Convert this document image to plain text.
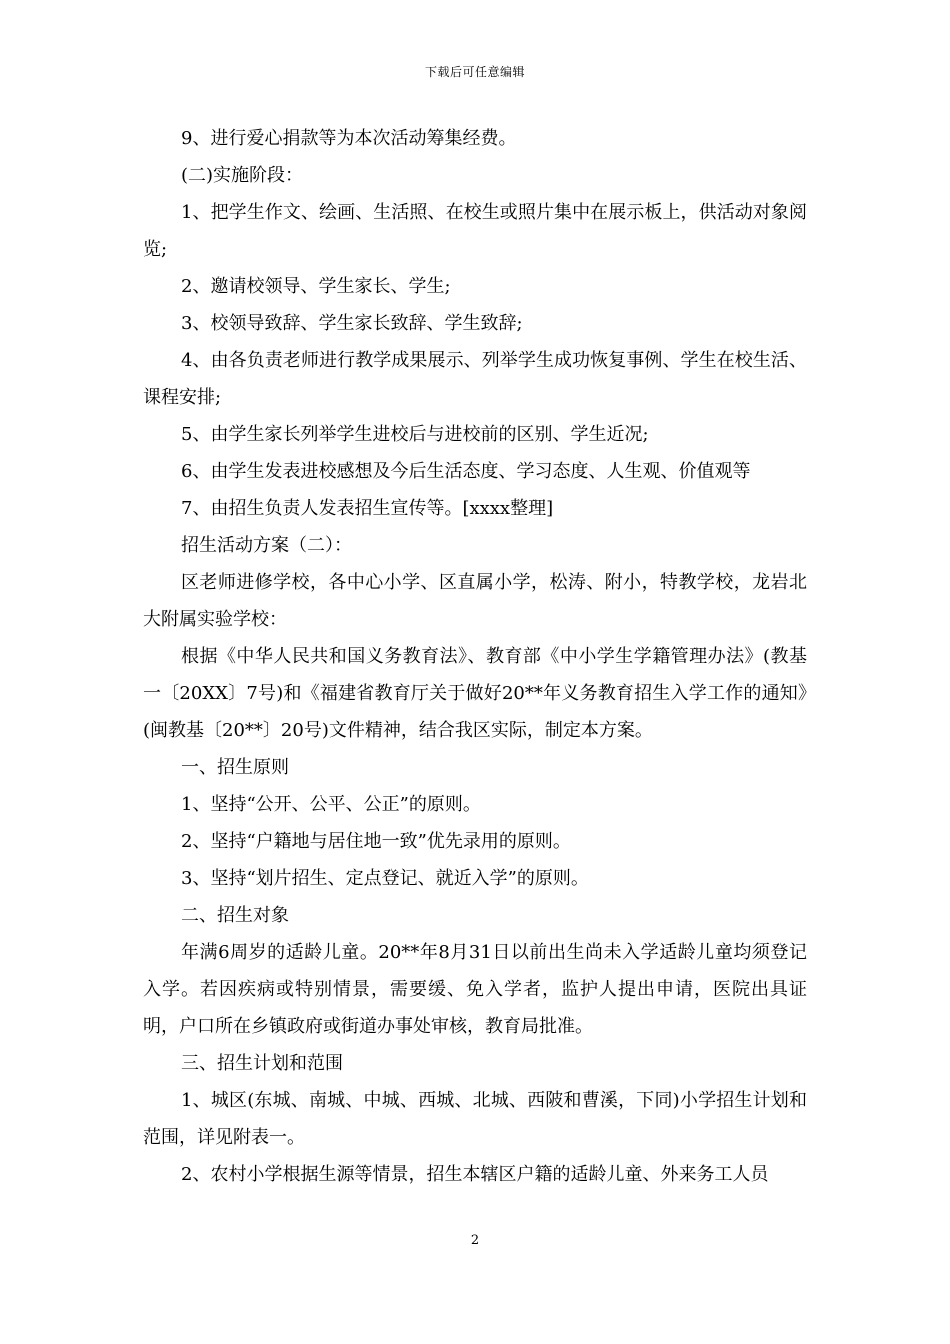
下载后可任意编辑

9、进行爱心捐款等为本次活动筹集经费。

(二)实施阶段：

1、把学生作文、绘画、生活照、在校生或照片集中在展示板上，供活动对象阅览;

2、邀请校领导、学生家长、学生;

3、校领导致辞、学生家长致辞、学生致辞;

4、由各负责老师进行教学成果展示、列举学生成功恢复事例、学生在校生活、课程安排;

5、由学生家长列举学生进校后与进校前的区别、学生近况;

6、由学生发表进校感想及今后生活态度、学习态度、人生观、价值观等

7、由招生负责人发表招生宣传等。[xxxx整理]

招生活动方案（二）：

区老师进修学校，各中心小学、区直属小学，松涛、附小，特教学校，龙岩北大附属实验学校：

根据《中华人民共和国义务教育法》、教育部《中小学生学籍管理办法》(教基一〔20XX〕7号)和《福建省教育厅关于做好20**年义务教育招生入学工作的通知》(闽教基〔20**〕20号)文件精神，结合我区实际，制定本方案。

一、招生原则

1、坚持“公开、公平、公正”的原则。

2、坚持“户籍地与居住地一致”优先录用的原则。

3、坚持“划片招生、定点登记、就近入学”的原则。

二、招生对象

年满6周岁的适龄儿童。20**年8月31日以前出生尚未入学适龄儿童均须登记入学。若因疾病或特别情景，需要缓、免入学者，监护人提出申请，医院出具证明，户口所在乡镇政府或街道办事处审核，教育局批准。

三、招生计划和范围

1、城区(东城、南城、中城、西城、北城、西陂和曹溪，下同)小学招生计划和范围，详见附表一。

2、农村小学根据生源等情景，招生本辖区户籍的适龄儿童、外来务工人员

2
